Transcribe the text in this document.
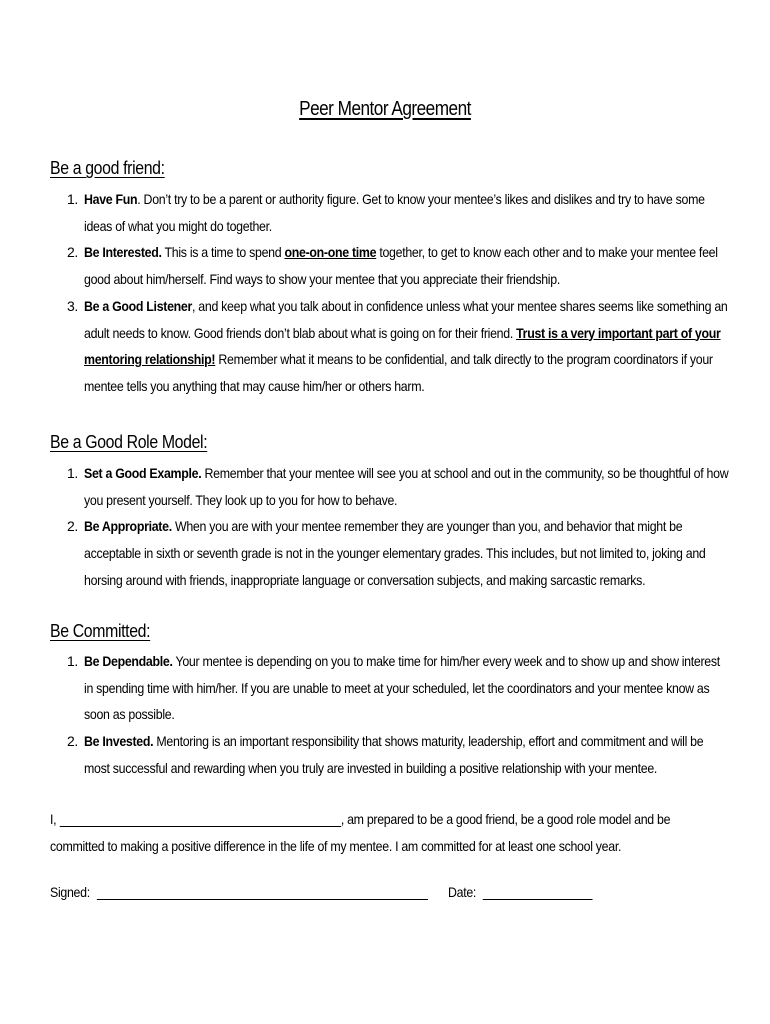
Peer Mentor Agreement
Be a good friend:
1. Have Fun. Don’t try to be a parent or authority figure. Get to know your mentee’s likes and dislikes and try to have some ideas of what you might do together.
2. Be Interested. This is a time to spend one-on-one time together, to get to know each other and to make your mentee feel good about him/herself. Find ways to show your mentee that you appreciate their friendship.
3. Be a Good Listener, and keep what you talk about in confidence unless what your mentee shares seems like something an adult needs to know. Good friends don’t blab about what is going on for their friend. Trust is a very important part of your mentoring relationship! Remember what it means to be confidential, and talk directly to the program coordinators if your mentee tells you anything that may cause him/her or others harm.
Be a Good Role Model:
1. Set a Good Example. Remember that your mentee will see you at school and out in the community, so be thoughtful of how you present yourself. They look up to you for how to behave.
2. Be Appropriate. When you are with your mentee remember they are younger than you, and behavior that might be acceptable in sixth or seventh grade is not in the younger elementary grades. This includes, but not limited to, joking and horsing around with friends, inappropriate language or conversation subjects, and making sarcastic remarks.
Be Committed:
1. Be Dependable. Your mentee is depending on you to make time for him/her every week and to show up and show interest in spending time with him/her. If you are unable to meet at your scheduled, let the coordinators and your mentee know as soon as possible.
2. Be Invested. Mentoring is an important responsibility that shows maturity, leadership, effort and commitment and will be most successful and rewarding when you truly are invested in building a positive relationship with your mentee.
I,	, am prepared to be a good friend, be a good role model and be committed to making a positive difference in the life of my mentee. I am committed for at least one school year.
Signed:	Date:
